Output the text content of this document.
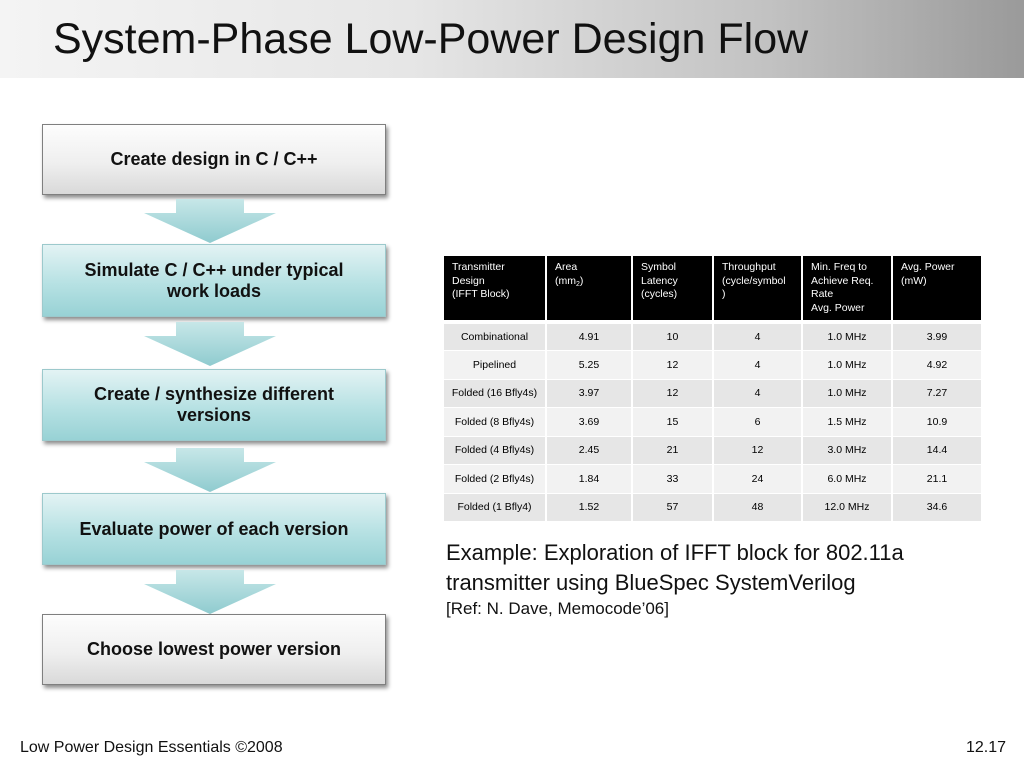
System-Phase Low-Power Design Flow
Create design in C / C++
Simulate C / C++ under typical work loads
Create / synthesize different versions
Evaluate power of each version
Choose lowest power version
Transmitter
Design
(IFFT Block)	Area
(mm2)	Symbol
Latency
(cycles)	Throughput
(cycle/symbol
)	Min. Freq to
Achieve Req.
Rate
Avg. Power	Avg. Power
(mW)
Combinational	4.91	10	4	1.0 MHz	3.99
Pipelined	5.25	12	4	1.0 MHz	4.92
Folded (16 Bfly4s)	3.97	12	4	1.0 MHz	7.27
Folded (8 Bfly4s)	3.69	15	6	1.5 MHz	10.9
Folded (4 Bfly4s)	2.45	21	12	3.0 MHz	14.4
Folded (2 Bfly4s)	1.84	33	24	6.0 MHz	21.1
Folded (1 Bfly4)	1.52	57	48	12.0 MHz	34.6
Example: Exploration of IFFT block for 802.11a
transmitter using BlueSpec SystemVerilog
[Ref: N. Dave, Memocode’06]
Low Power Design Essentials ©2008	12.17
